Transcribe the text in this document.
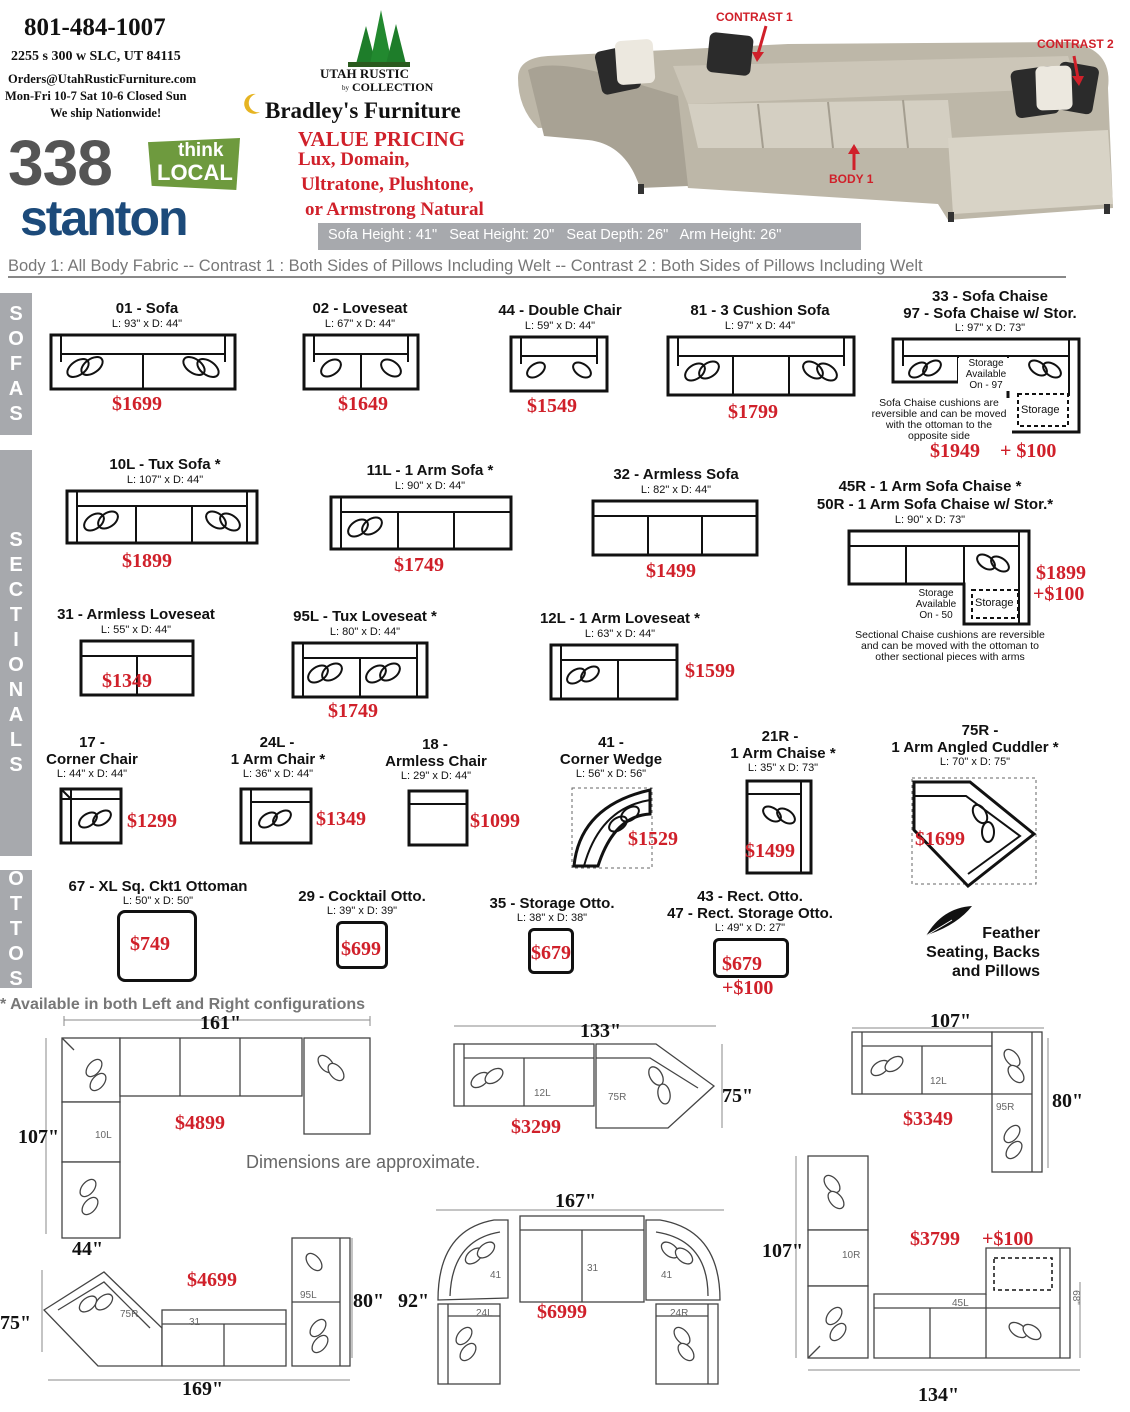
801-484-1007
2255 s 300 w SLC, UT 84115
Orders@UtahRusticFurniture.com
Mon-Fri 10-7 Sat 10-6 Closed Sun
We ship Nationwide!
UTAH RUSTIC
by COLLECTION
Bradley's Furniture
VALUE PRICING
Lux, Domain,
Ultratone, Plushtone,
or Armstrong Natural
338	think
LOCAL
stanton
CONTRAST 1
CONTRAST 2
BODY 1
Sofa Height : 41"   Seat Height: 20"   Seat Depth: 26"   Arm Height: 26"
Body 1: All Body Fabric -- Contrast 1 : Both Sides of Pillows Including Welt -- Contrast 2 : Both Sides of Pillows Including Welt
S
O
F
A
S
S
E
C
T
I
O
N
A
L
S
O
T
T
O
S
01 - Sofa
L: 93" x D: 44"
$1699
02 - Loveseat
L: 67" x D: 44"
$1649
44 - Double Chair
L: 59" x D: 44"
$1549
81 - 3 Cushion Sofa
L: 97" x D: 44"
$1799
33 - Sofa Chaise
97 - Sofa Chaise w/ Stor.
L: 97" x D: 73"
Storage
Available
On - 97
Storage
Sofa Chaise cushions are reversible and can be moved with the ottoman to the opposite side
$1949 + $100
10L - Tux Sofa *
L: 107" x D: 44"
$1899
11L - 1 Arm Sofa *
L: 90" x D: 44"
$1749
32 - Armless Sofa
L: 82" x D: 44"
$1499
45R - 1 Arm Sofa Chaise *
50R - 1 Arm Sofa Chaise w/ Stor.*
L: 90" x D: 73"
Storage
Available
On - 50
Storage
Sectional Chaise cushions are reversible and can be moved with the ottoman to other sectional pieces with arms
$1899
+$100
31 - Armless Loveseat
L: 55" x D: 44"
$1349
95L - Tux Loveseat *
L: 80" x D: 44"
$1749
12L - 1 Arm Loveseat *
L: 63" x D: 44"
$1599
17 -
Corner Chair
L: 44" x D: 44"
$1299
24L -
1 Arm Chair *
L: 36" x D: 44"
$1349
18 -
Armless Chair
L: 29" x D: 44"
$1099
41 -
Corner Wedge
L: 56" x D: 56"
$1529
21R -
1 Arm Chaise *
L: 35" x D: 73"
$1499
75R -
1 Arm Angled Cuddler *
L: 70" x D: 75"
$1699
67 - XL Sq. Ckt1 Ottoman
L: 50" x D: 50"
$749
29 - Cocktail Otto.
L: 39" x D: 39"
$699
35 - Storage Otto.
L: 38" x D: 38"
$679
43 - Rect. Otto.
47 - Rect. Storage Otto.
L: 49" x D: 27"
$679
+$100
Feather
Seating, Backs
and Pillows
* Available in both Left and Right configurations
161"
107"
44"
10L
$4899
133"
75"
12L	75R
$3299
107"
80"
12L
95R
$3349
Dimensions are approximate.
75"
169"
80"
75R
31
95L
$4699
167"
92"
41
31
41
24L	24R
$6999
107"
134"
68"
10R
45L
$3799 +$100
